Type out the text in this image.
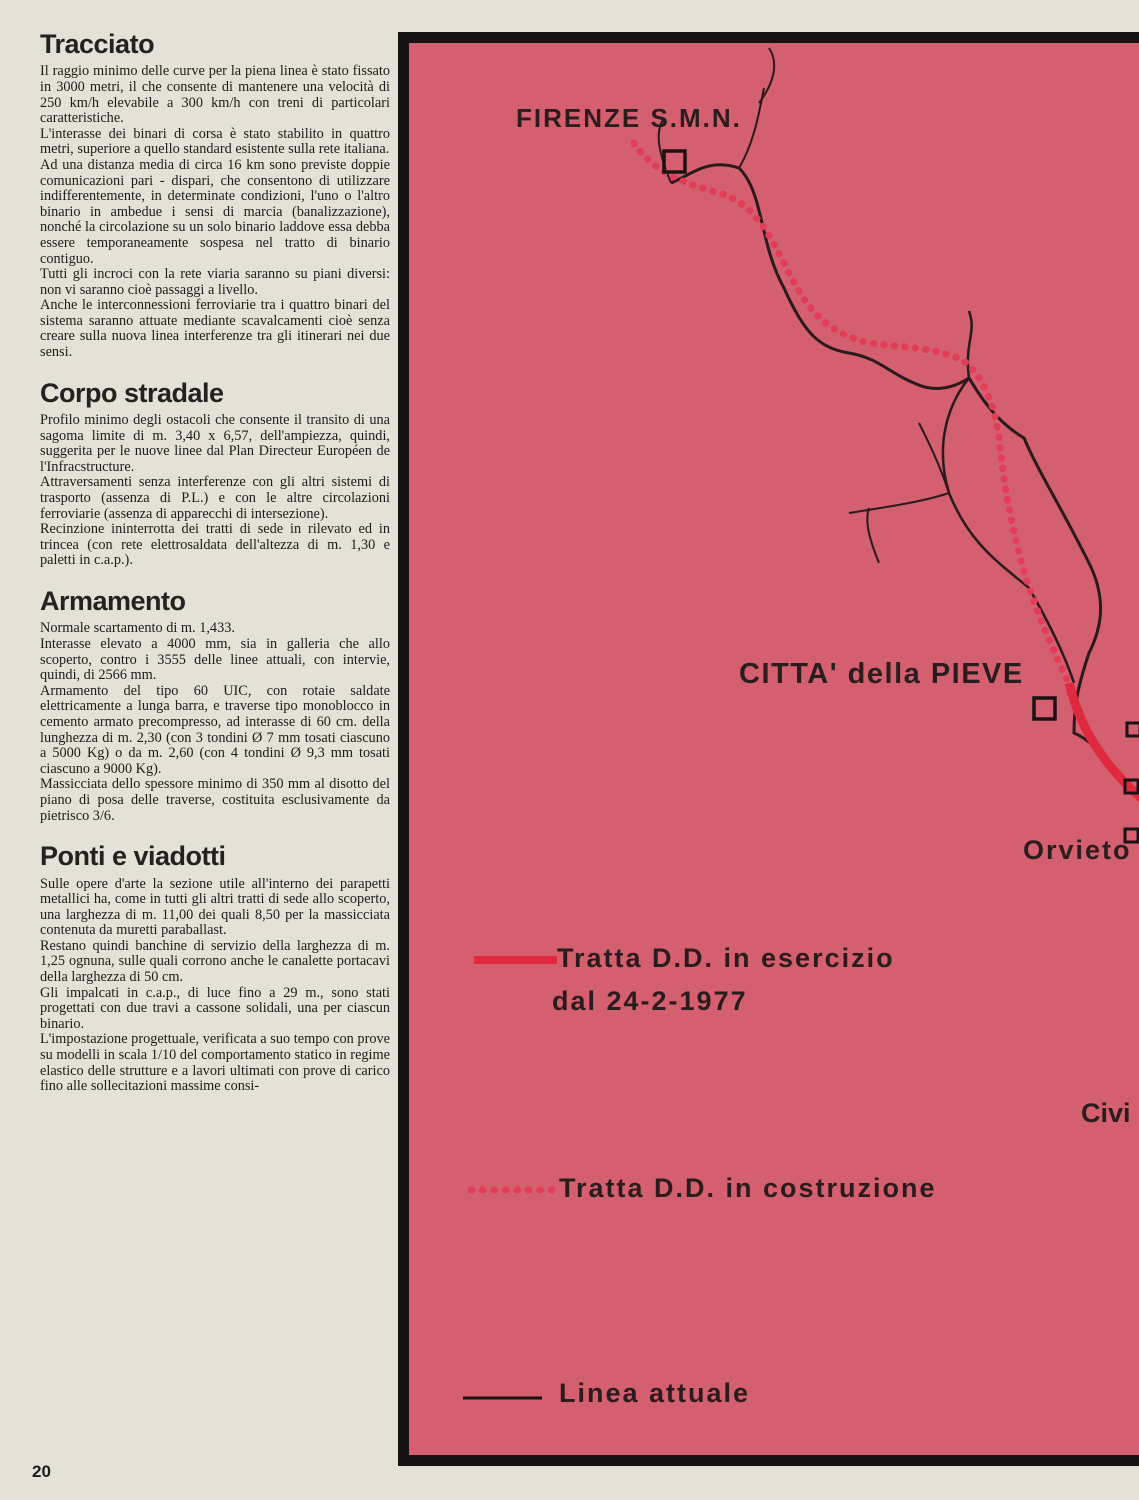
Tracciato

Il raggio minimo delle curve per la piena linea è stato fissato in 3000 metri, il che consente di mantenere una velocità di 250 km/h elevabile a 300 km/h con treni di particolari caratteristiche.

L'interasse dei binari di corsa è stato stabilito in quattro metri, superiore a quello standard esistente sulla rete italiana.

Ad una distanza media di circa 16 km sono previste doppie comunicazioni pari - dispari, che consentono di utilizzare indifferentemente, in determinate condizioni, l'uno o l'altro binario in ambedue i sensi di marcia (banalizzazione), nonché la circolazione su un solo binario laddove essa debba essere temporaneamente sospesa nel tratto di binario contiguo.

Tutti gli incroci con la rete viaria saranno su piani diversi: non vi saranno cioè passaggi a livello.

Anche le interconnessioni ferroviarie tra i quattro binari del sistema saranno attuate mediante scavalcamenti cioè senza creare sulla nuova linea interferenze tra gli itinerari nei due sensi.

Corpo stradale

Profilo minimo degli ostacoli che consente il transito di una sagoma limite di m. 3,40 x 6,57, dell'ampiezza, quindi, suggerita per le nuove linee dal Plan Directeur Européen de l'Infracstructure.

Attraversamenti senza interferenze con gli altri sistemi di trasporto (assenza di P.L.) e con le altre circolazioni ferroviarie (assenza di apparecchi di intersezione).

Recinzione ininterrotta dei tratti di sede in rilevato ed in trincea (con rete elettrosaldata dell'altezza di m. 1,30 e paletti in c.a.p.).

Armamento

Normale scartamento di m. 1,433.

Interasse elevato a 4000 mm, sia in galleria che allo scoperto, contro i 3555 delle linee attuali, con intervie, quindi, di 2566 mm.

Armamento del tipo 60 UIC, con rotaie saldate elettricamente a lunga barra, e traverse tipo monoblocco in cemento armato precompresso, ad interasse di 60 cm. della lunghezza di m. 2,30 (con 3 tondini Ø 7 mm tosati ciascuno a 5000 Kg) o da m. 2,60 (con 4 tondini Ø 9,3 mm tosati ciascuno a 9000 Kg).

Massicciata dello spessore minimo di 350 mm al disotto del piano di posa delle traverse, costituita esclusivamente da pietrisco 3/6.

Ponti e viadotti

Sulle opere d'arte la sezione utile all'interno dei parapetti metallici ha, come in tutti gli altri tratti di sede allo scoperto, una larghezza di m. 11,00 dei quali 8,50 per la massicciata contenuta da muretti paraballast.

Restano quindi banchine di servizio della larghezza di m. 1,25 ognuna, sulle quali corrono anche le canalette portacavi della larghezza di 50 cm.

Gli impalcati in c.a.p., di luce fino a 29 m., sono stati progettati con due travi a cassone solidali, una per ciascun binario.

L'impostazione progettuale, verificata a suo tempo con prove su modelli in scala 1/10 del comportamento statico in regime elastico delle strutture e a lavori ultimati con prove di carico fino alle sollecitazioni massime consi-

20
FIRENZE S.M.N.
CITTA' della PIEVE
Orvieto
Civi
Tratta D.D. in esercizio
dal 24-2-1977
Tratta D.D. in costruzione
Linea attuale
